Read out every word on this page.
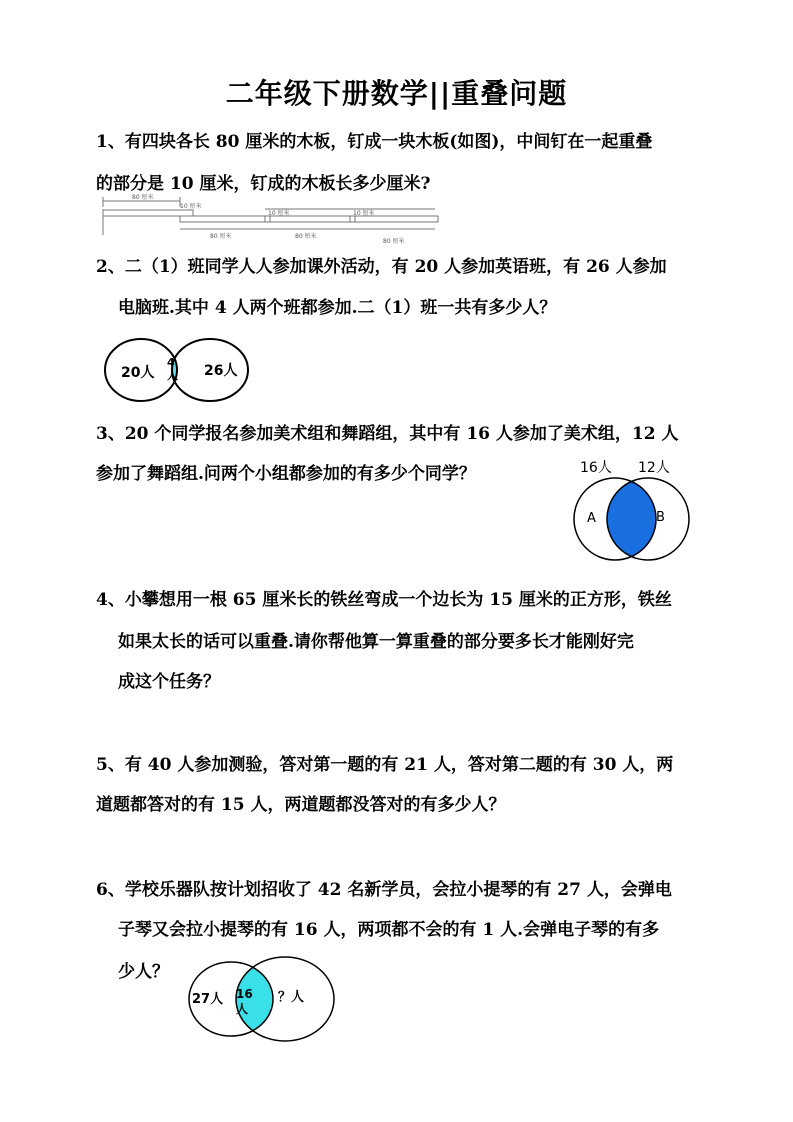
二年级下册数学||重叠问题
1、有四块各长 80 厘米的木板，钉成一块木板(如图)，中间钉在一起重叠
的部分是 10 厘米，钉成的木板长多少厘米?
80 厘米
10 厘米
10 厘米	10 厘米
80 厘米	80 厘米
80 厘米
2、二（1）班同学人人参加课外活动，有 20 人参加英语班，有 26 人参加
电脑班.其中 4 人两个班都参加.二（1）班一共有多少人？
20人
4 人 26人
3、20 个同学报名参加美术组和舞蹈组，其中有 16 人参加了美术组，12 人
参加了舞蹈组.问两个小组都参加的有多少个同学？	16人 12人
A	B
4、小攀想用一根 65 厘米长的铁丝弯成一个边长为 15 厘米的正方形，铁丝
如果太长的话可以重叠.请你帮他算一算重叠的部分要多长才能刚好完
成这个任务？
5、有 40 人参加测验，答对第一题的有 21 人，答对第二题的有 30 人，两
道题都答对的有 15 人，两道题都没答对的有多少人？
6、学校乐器队按计划招收了 42 名新学员，会拉小提琴的有 27 人，会弹电
子琴又会拉小提琴的有 16 人，两项都不会的有 1 人.会弹电子琴的有多
少人？
27人 16 人
？人
